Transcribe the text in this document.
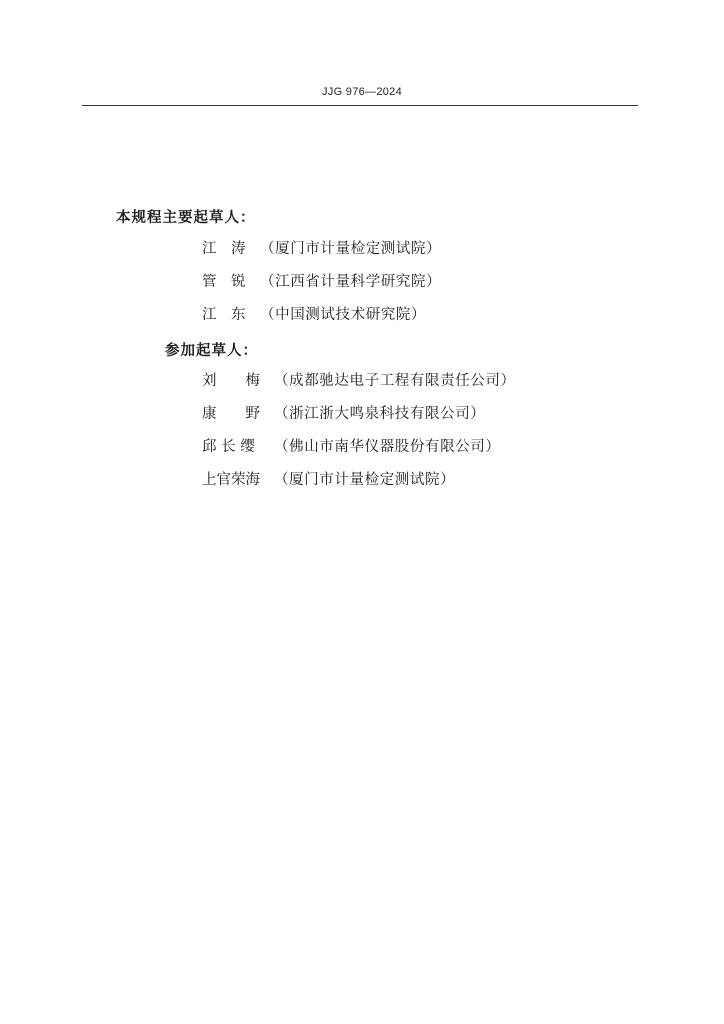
JJG 976—2024
本规程主要起草人：
江　涛 （厦门市计量检定测试院）
管　锐 （江西省计量科学研究院）
江　东 （中国测试技术研究院）
参加起草人：
刘　　梅 （成都驰达电子工程有限责任公司）
康　　野 （浙江浙大鸣泉科技有限公司）
邱 长 缨 （佛山市南华仪器股份有限公司）
上官荣海 （厦门市计量检定测试院）
